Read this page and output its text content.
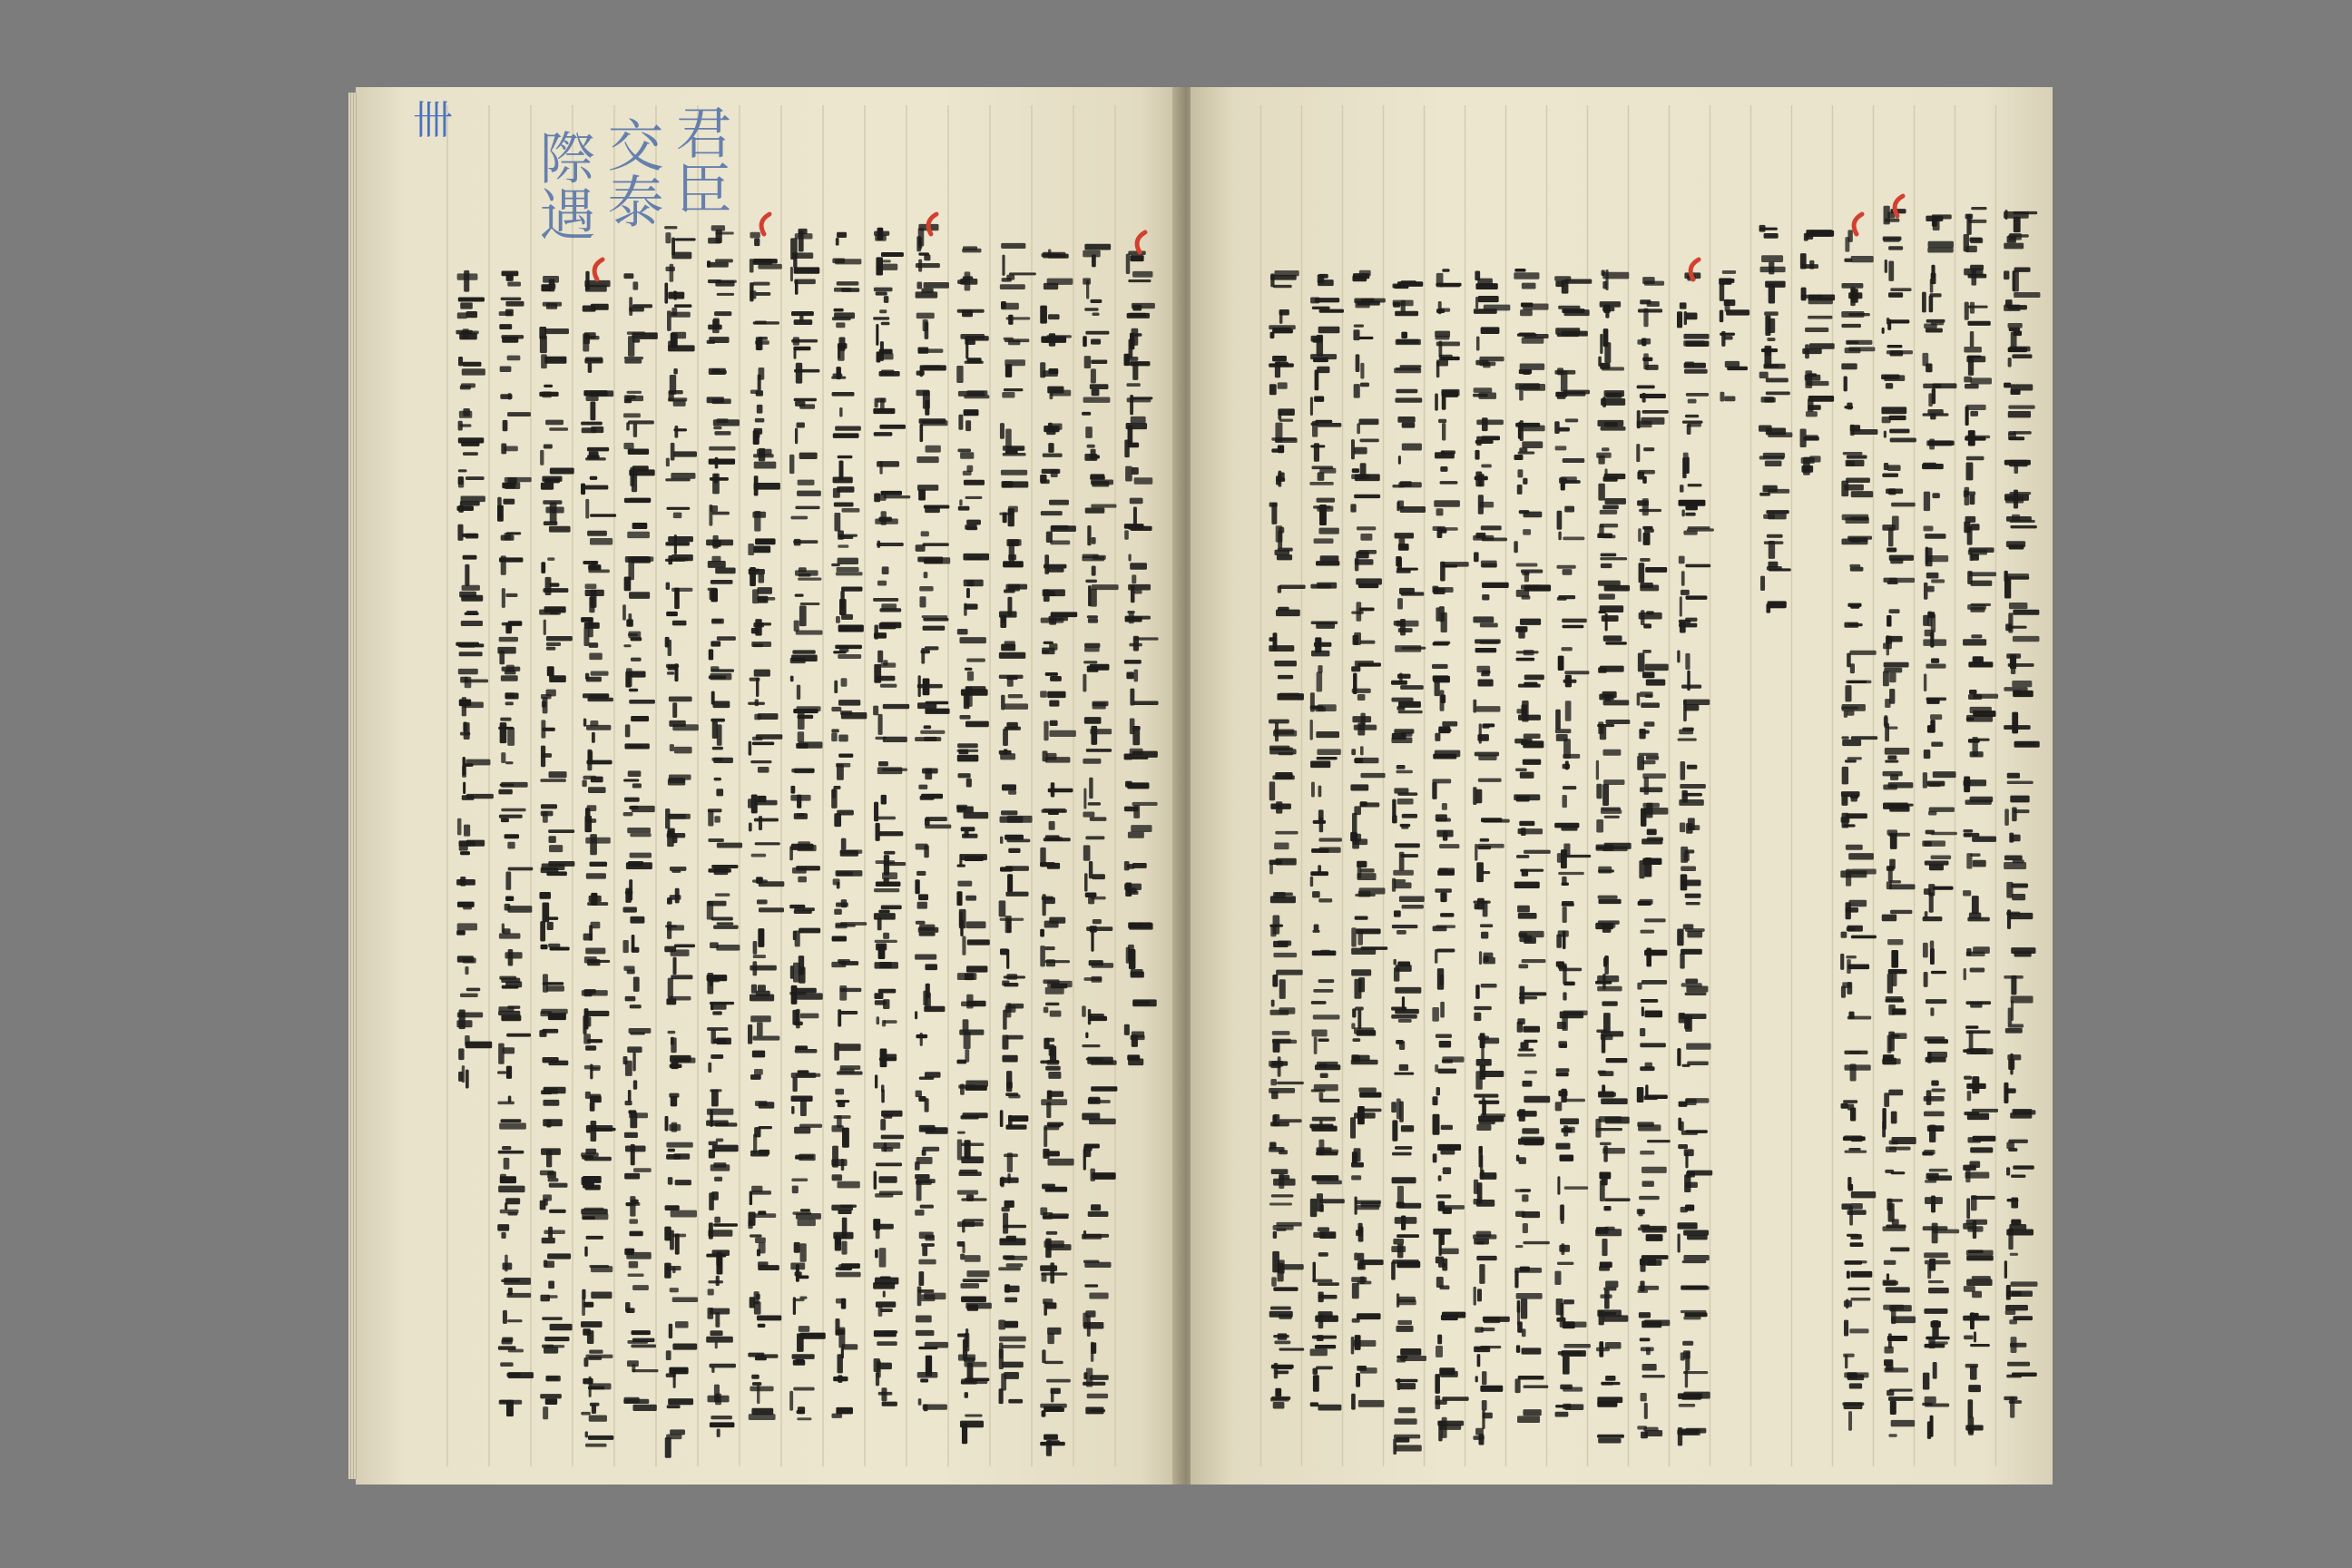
君臣
交泰
際遇
卌
